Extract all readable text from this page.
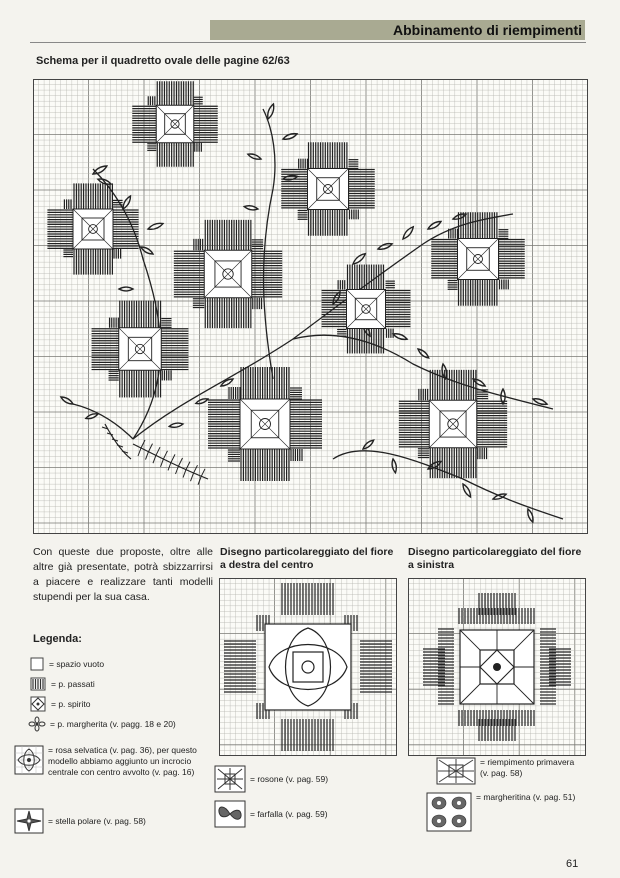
Abbinamento di riempimenti
Schema per il quadretto ovale delle pagine 62/63
Con queste due proposte, oltre alle altre già presentate, potrà sbizzarrirsi a piacere e realizzare tanti modelli stupendi per la sua casa.
Legenda:
= spazio vuoto
= p. passati
= p. spirito
= p. margherita (v. pagg. 18 e 20)
= rosa selvatica (v. pag. 36), per questo modello abbiamo aggiunto un incrocio centrale con centro avvolto (v. pag. 16)
= stella polare (v. pag. 58)
Disegno particolareggiato del fiore a destra del centro
= rosone (v. pag. 59)
= farfalla (v. pag. 59)
Disegno particolareggiato del fiore a sinistra
= riempimento primavera (v. pag. 58)
= margheritina (v. pag. 51)
61
